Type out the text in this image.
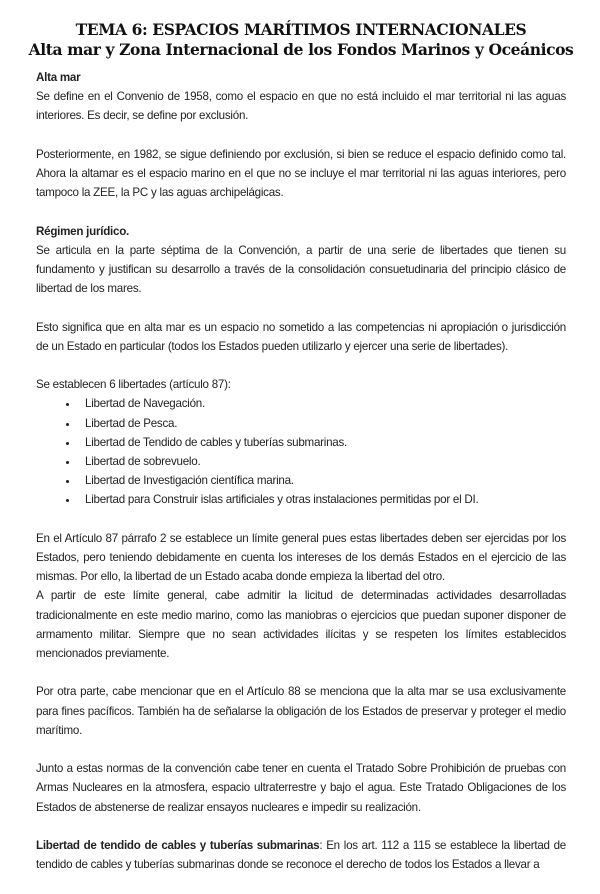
TEMA 6: ESPACIOS MARÍTIMOS INTERNACIONALES
Alta mar y Zona Internacional de los Fondos Marinos y Oceánicos
Alta mar

Se define en el Convenio de 1958, como el espacio en que no está incluido el mar territorial ni las aguas interiores. Es decir, se define por exclusión.

Posteriormente, en 1982, se sigue definiendo por exclusión, si bien se reduce el espacio definido como tal. Ahora la altamar es el espacio marino en el que no se incluye el mar territorial ni las aguas interiores, pero tampoco la ZEE, la PC y las aguas archipelágicas.

Régimen jurídico.

Se articula en la parte séptima de la Convención, a partir de una serie de libertades que tienen su fundamento y justifican su desarrollo a través de la consolidación consuetudinaria del principio clásico de libertad de los mares.

Esto significa que en alta mar es un espacio no sometido a las competencias ni apropiación o jurisdicción de un Estado en particular (todos los Estados pueden utilizarlo y ejercer una serie de libertades).

Se establecen 6 libertades (artículo 87):

• Libertad de Navegación.
• Libertad de Pesca.
• Libertad de Tendido de cables y tuberías submarinas.
• Libertad de sobrevuelo.
• Libertad de Investigación científica marina.
• Libertad para Construir islas artificiales y otras instalaciones permitidas por el DI.

En el Artículo 87 párrafo 2 se establece un límite general pues estas libertades deben ser ejercidas por los Estados, pero teniendo debidamente en cuenta los intereses de los demás Estados en el ejercicio de las mismas. Por ello, la libertad de un Estado acaba donde empieza la libertad del otro.

A partir de este límite general, cabe admitir la licitud de determinadas actividades desarrolladas tradicionalmente en este medio marino, como las maniobras o ejercicios que puedan suponer disponer de armamento militar. Siempre que no sean actividades ilícitas y se respeten los límites establecidos mencionados previamente.

Por otra parte, cabe mencionar que en el Artículo 88 se menciona que la alta mar se usa exclusivamente para fines pacíficos. También ha de señalarse la obligación de los Estados de preservar y proteger el medio marítimo.

Junto a estas normas de la convención cabe tener en cuenta el Tratado Sobre Prohibición de pruebas con Armas Nucleares en la atmosfera, espacio ultraterrestre y bajo el agua. Este Tratado Obligaciones de los Estados de abstenerse de realizar ensayos nucleares e impedir su realización.

Libertad de tendido de cables y tuberías submarinas: En los art. 112 a 115 se establece la libertad de tendido de cables y tuberías submarinas donde se reconoce el derecho de todos los Estados a llevar a
